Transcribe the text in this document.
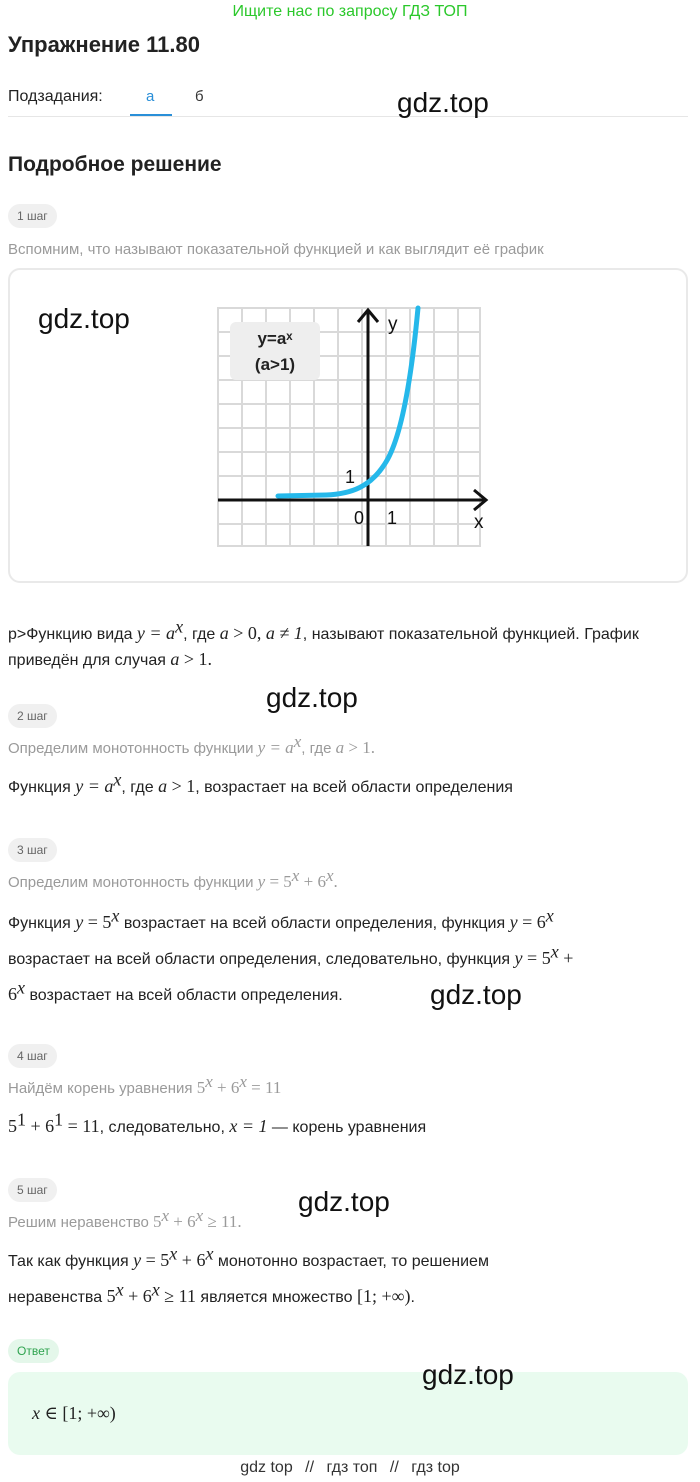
Ищите нас по запросу ГДЗ ТОП
Упражнение 11.80
Подзадания:	а	б	gdz.top
Подробное решение
1 шаг
Вспомним, что называют показательной функцией и как выглядит её график
gdz.top
y=aˣ
(a>1)
y
x
0 1
1
p>Функцию вида $y = a^x$, где a > 0, a ≠ 1, называют показательной функцией. График
приведён для случая a > 1.
gdz.top
2 шаг
Определим монотонность функции $y = a^x$, где a > 1.
Функция $y = a^x$, где a > 1, возрастает на всей области определения
3 шаг
Определим монотонность функции $y = 5^x + 6^x$.
Функция $y = 5^x$ возрастает на всей области определения, функция $y = 6^x$
возрастает на всей области определения, следовательно, функция $y = 5^x$ +
$6^x$ возрастает на всей области определения.	gdz.top
4 шаг
Найдём корень уравнения $5^x + 6^x = 11$
$5^1 + 6^1 = 11$, следовательно, x = 1 — корень уравнения
5 шаг	gdz.top
Решим неравенство $5^x + 6^x \ge 11$.
Так как функция $y = 5^x + 6^x$ монотонно возрастает, то решением
неравенства $5^x + 6^x \ge 11$ является множество [1; +∞).
Ответ
x ∈ [1; +∞)
gdz.top
gdz top // гдз топ // гдз top
